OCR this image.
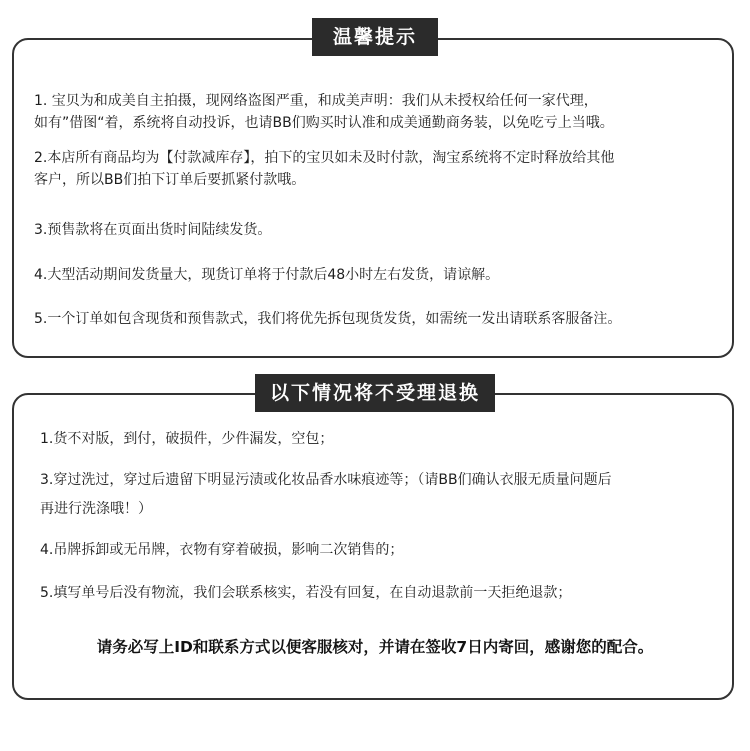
温馨提示
1. 宝贝为和成美自主拍摄，现网络盗图严重，和成美声明：我们从未授权给任何一家代理，
如有”借图“着，系统将自动投诉，也请BB们购买时认准和成美通勤商务装，以免吃亏上当哦。
2.本店所有商品均为【付款减库存】，拍下的宝贝如未及时付款，淘宝系统将不定时释放给其他
客户，所以BB们拍下订单后要抓紧付款哦。
3.预售款将在页面出货时间陆续发货。
4.大型活动期间发货量大，现货订单将于付款后48小时左右发货，请谅解。
5.一个订单如包含现货和预售款式，我们将优先拆包现货发货，如需统一发出请联系客服备注。
以下情况将不受理退换
1.货不对版，到付，破损件，少件漏发，空包；
3.穿过洗过，穿过后遗留下明显污渍或化妆品香水味痕迹等；（请BB们确认衣服无质量问题后
再进行洗涤哦！）
4.吊牌拆卸或无吊牌，衣物有穿着破损，影响二次销售的；
5.填写单号后没有物流，我们会联系核实，若没有回复，在自动退款前一天拒绝退款；
请务必写上ID和联系方式以便客服核对，并请在签收7日内寄回，感谢您的配合。
